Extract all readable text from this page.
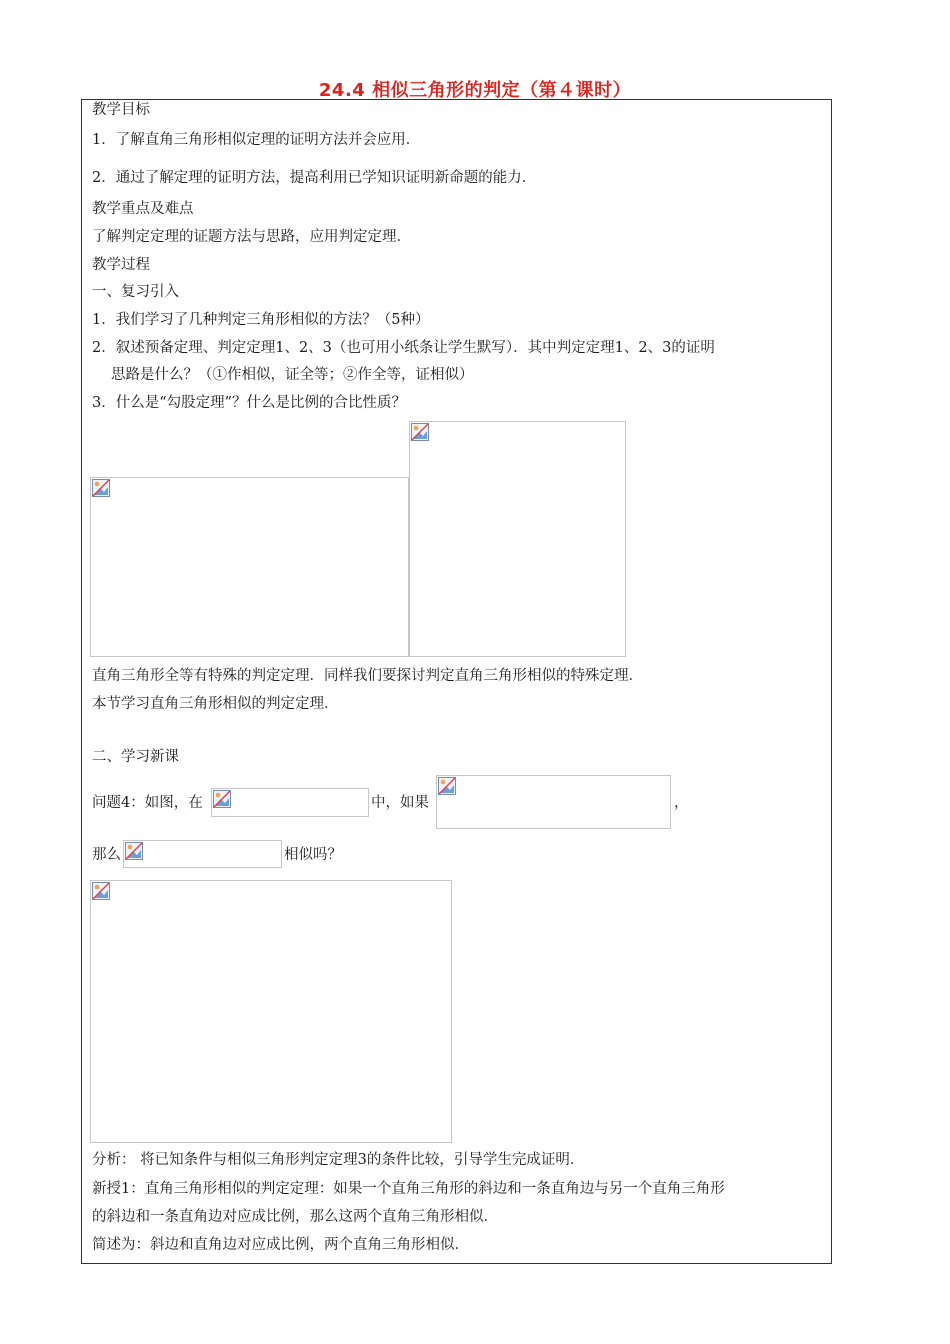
24.4 相似三角形的判定（第４课时）
教学目标
1．了解直角三角形相似定理的证明方法并会应用．
2．通过了解定理的证明方法，提高利用已学知识证明新命题的能力．
教学重点及难点
了解判定定理的证题方法与思路，应用判定定理．
教学过程
一、复习引入
1．我们学习了几种判定三角形相似的方法？（5种）
2．叙述预备定理、判定定理1、2、3（也可用小纸条让学生默写）．其中判定定理1、2、3的证明
思路是什么？（①作相似，证全等；②作全等，证相似）
3．什么是“勾股定理”？什么是比例的合比性质？
直角三角形全等有特殊的判定定理．同样我们要探讨判定直角三角形相似的特殊定理．
本节学习直角三角形相似的判定定理．
二、学习新课
问题4：如图，在	中，如果	，
那么	相似吗？
分析： 将已知条件与相似三角形判定定理3的条件比较，引导学生完成证明．
新授1：直角三角形相似的判定定理：如果一个直角三角形的斜边和一条直角边与另一个直角三角形
的斜边和一条直角边对应成比例，那么这两个直角三角形相似．
简述为：斜边和直角边对应成比例，两个直角三角形相似．
